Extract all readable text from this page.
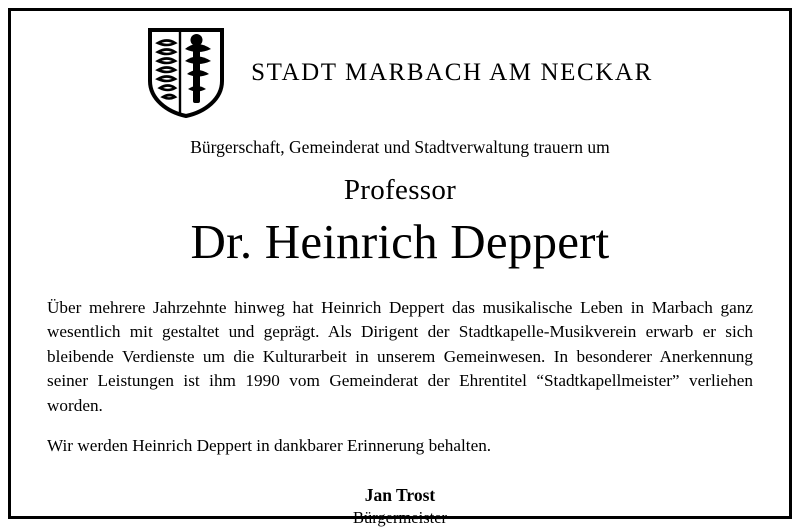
STADT MARBACH AM NECKAR
Bürgerschaft, Gemeinderat und Stadtverwaltung trauern um
Professor
Dr. Heinrich Deppert

Über mehrere Jahrzehnte hinweg hat Heinrich Deppert das musikalische Leben in Marbach ganz wesentlich mit gestaltet und geprägt. Als Dirigent der Stadtkapelle-Musikverein erwarb er sich bleibende Verdienste um die Kulturarbeit in unserem Gemeinwesen. In besonderer Anerkennung seiner Leistungen ist ihm 1990 vom Gemeinderat der Ehrentitel “Stadtkapellmeister” verliehen worden.

Wir werden Heinrich Deppert in dankbarer Erinnerung behalten.

Jan Trost
Bürgermeister
